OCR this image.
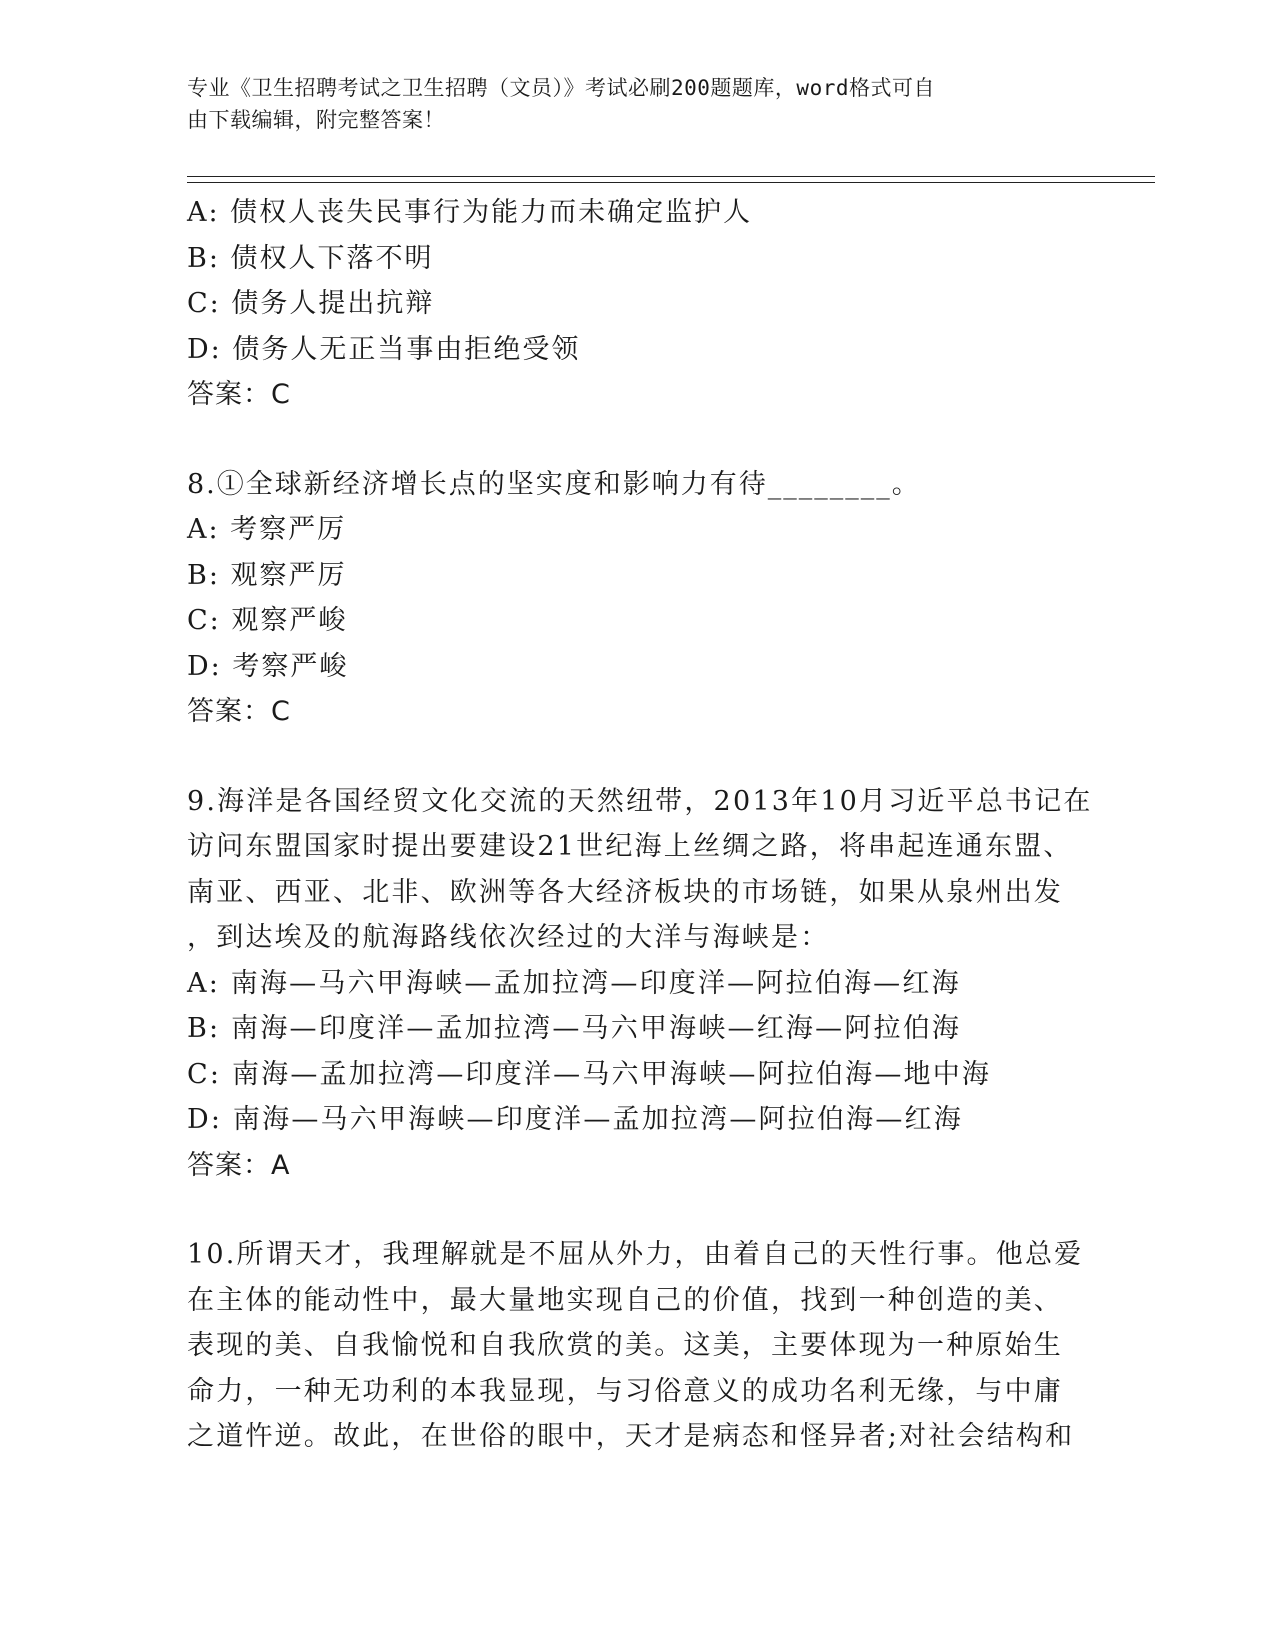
专业《卫生招聘考试之卫生招聘（文员）》考试必刷200题题库，word格式可自
由下载编辑，附完整答案！
A: 债权人丧失民事行为能力而未确定监护人
B: 债权人下落不明
C: 债务人提出抗辩
D: 债务人无正当事由拒绝受领
答案：C
8.①全球新经济增长点的坚实度和影响力有待________。
A: 考察严厉
B: 观察严厉
C: 观察严峻
D: 考察严峻
答案：C
9.海洋是各国经贸文化交流的天然纽带，2013年10月习近平总书记在
访问东盟国家时提出要建设21世纪海上丝绸之路，将串起连通东盟、
南亚、西亚、北非、欧洲等各大经济板块的市场链，如果从泉州出发
，到达埃及的航海路线依次经过的大洋与海峡是：
A: 南海—马六甲海峡—孟加拉湾—印度洋—阿拉伯海—红海
B: 南海—印度洋—孟加拉湾—马六甲海峡—红海—阿拉伯海
C: 南海—孟加拉湾—印度洋—马六甲海峡—阿拉伯海—地中海
D: 南海—马六甲海峡—印度洋—孟加拉湾—阿拉伯海—红海
答案：A
10.所谓天才，我理解就是不屈从外力，由着自己的天性行事。他总爱
在主体的能动性中，最大量地实现自己的价值，找到一种创造的美、
表现的美、自我愉悦和自我欣赏的美。这美，主要体现为一种原始生
命力，一种无功利的本我显现，与习俗意义的成功名利无缘，与中庸
之道忤逆。故此，在世俗的眼中，天才是病态和怪异者;对社会结构和
